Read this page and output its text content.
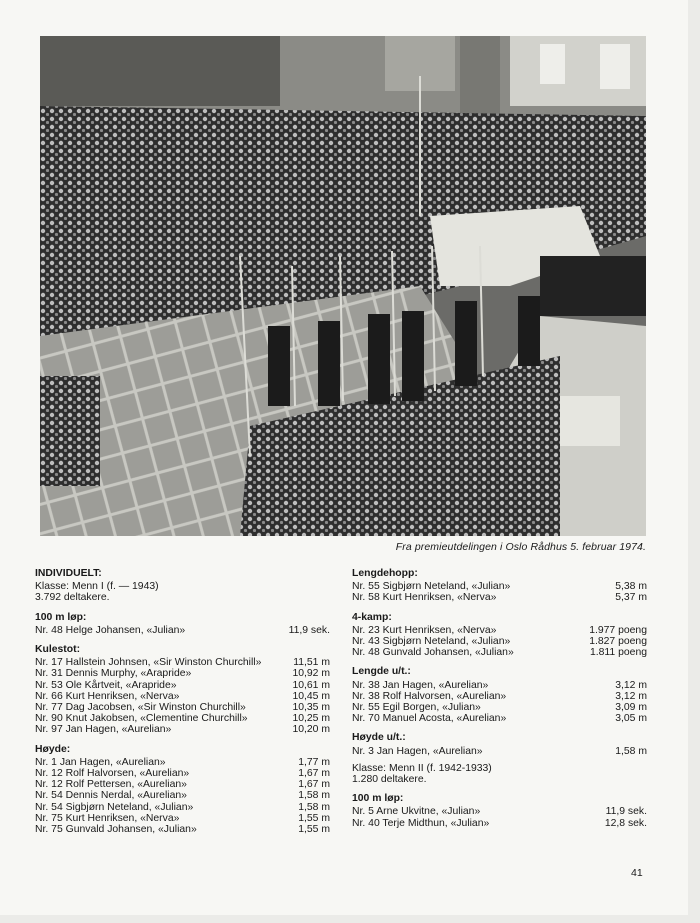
Fra premieutdelingen i Oslo Rådhus 5. februar 1974.
INDIVIDUELT:
Klasse: Menn I (f. — 1943)
3.792 deltakere.
100 m løp:
Nr. 48 Helge Johansen, «Julian»	11,9 sek.
Kulestot:
Nr. 17 Hallstein Johnsen, «Sir Winston Churchill»	11,51 m
Nr. 31 Dennis Murphy, «Arapride»	10,92 m
Nr. 53 Ole Kårtveit, «Arapride»	10,61 m
Nr. 66 Kurt Henriksen, «Nerva»	10,45 m
Nr. 77 Dag Jacobsen, «Sir Winston Churchill»	10,35 m
Nr. 90 Knut Jakobsen, «Clementine Churchill»	10,25 m
Nr. 97 Jan Hagen, «Aurelian»	10,20 m
Høyde:
Nr. 1 Jan Hagen, «Aurelian»	1,77 m
Nr. 12 Rolf Halvorsen, «Aurelian»	1,67 m
Nr. 12 Rolf Pettersen, «Aurelian»	1,67 m
Nr. 54 Dennis Nerdal, «Aurelian»	1,58 m
Nr. 54 Sigbjørn Neteland, «Julian»	1,58 m
Nr. 75 Kurt Henriksen, «Nerva»	1,55 m
Nr. 75 Gunvald Johansen, «Julian»	1,55 m
Lengdehopp:
Nr. 55 Sigbjørn Neteland, «Julian»	5,38 m
Nr. 58 Kurt Henriksen, «Nerva»	5,37 m
4-kamp:
Nr. 23 Kurt Henriksen, «Nerva»	1.977 poeng
Nr. 43 Sigbjørn Neteland, «Julian»	1.827 poeng
Nr. 48 Gunvald Johansen, «Julian»	1.811 poeng
Lengde u/t.:
Nr. 38 Jan Hagen, «Aurelian»	3,12 m
Nr. 38 Rolf Halvorsen, «Aurelian»	3,12 m
Nr. 55 Egil Borgen, «Julian»	3,09 m
Nr. 70 Manuel Acosta, «Aurelian»	3,05 m
Høyde u/t.:
Nr. 3 Jan Hagen, «Aurelian»	1,58 m
Klasse: Menn II (f. 1942-1933)
1.280 deltakere.
100 m løp:
Nr. 5 Arne Ukvitne, «Julian»	11,9 sek.
Nr. 40 Terje Midthun, «Julian»	12,8 sek.
41
